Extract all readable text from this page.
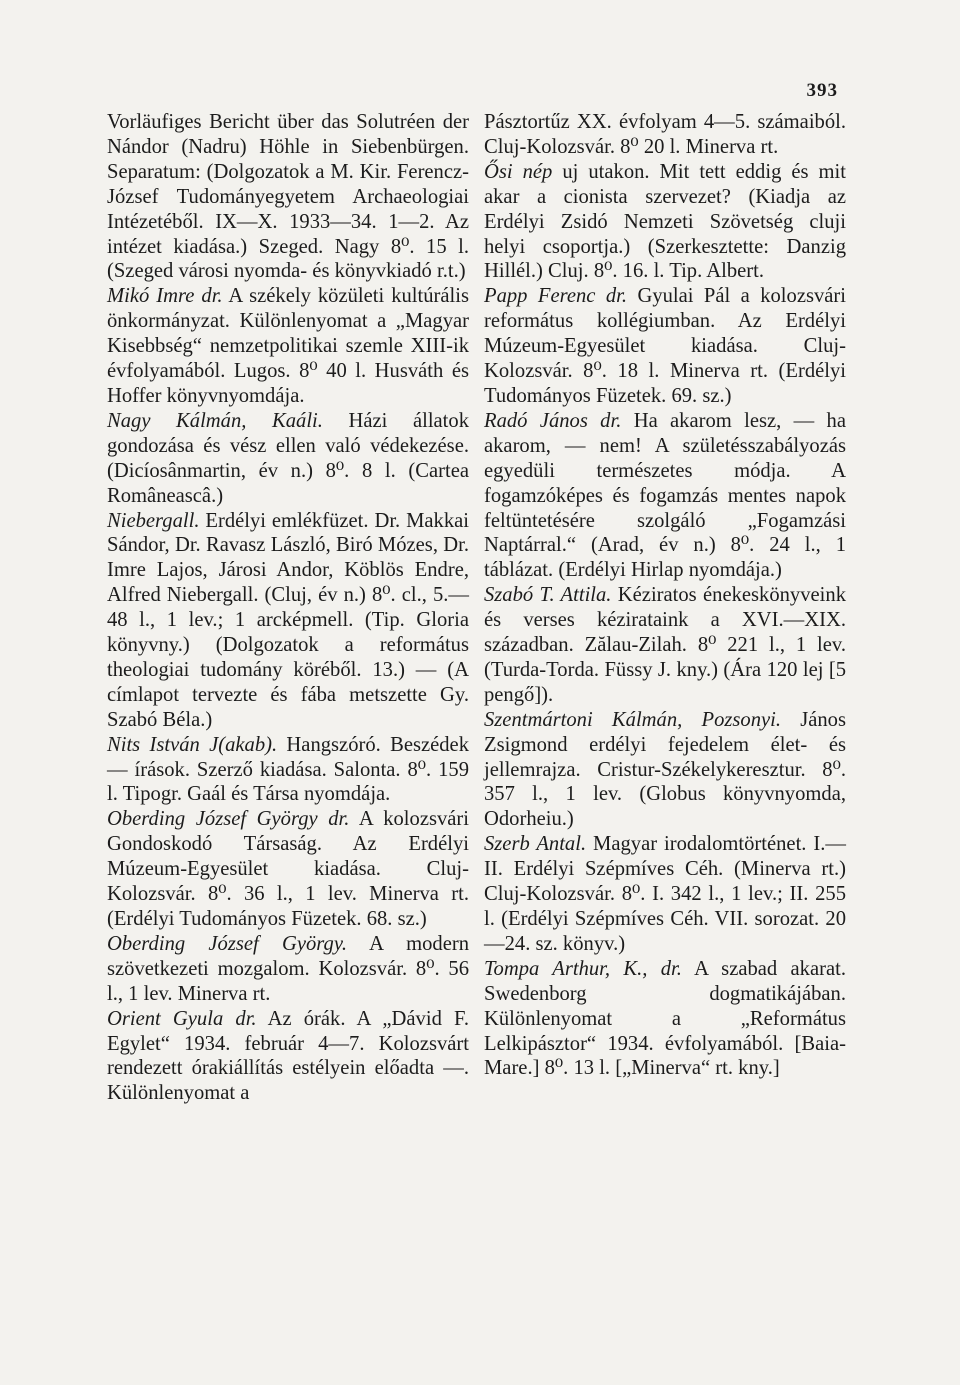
393
Vorläufiges Bericht über das Solutréen der Nándor (Nadru) Höhle in Siebenbürgen. Separatum: (Dolgozatok a M. Kir. Ferencz-József Tudományegyetem Archaeologiai Intézetéből. IX—X. 1933—34. 1—2. Az intézet kiadása.) Szeged. Nagy 8⁰. 15 l. (Szeged városi nyomda- és könyvkiadó r.t.)
Mikó Imre dr. A székely közületi kultúrális önkormányzat. Különlenyomat a „Magyar Kisebbség“ nemzetpolitikai szemle XIII-ik évfolyamából. Lugos. 8⁰ 40 l. Husváth és Hoffer könyvnyomdája.
Nagy Kálmán, Kaáli. Házi állatok gondozása és vész ellen való védekezése. (Dicíosânmartin, év n.) 8⁰. 8 l. (Cartea Româneascâ.)
Niebergall. Erdélyi emlékfüzet. Dr. Makkai Sándor, Dr. Ravasz László, Biró Mózes, Dr. Imre Lajos, Járosi Andor, Köblös Endre, Alfred Niebergall. (Cluj, év n.) 8⁰. cl., 5.—48 l., 1 lev.; 1 arcképmell. (Tip. Gloria könyvny.) (Dolgozatok a református theologiai tudomány köréből. 13.) — (A címlapot tervezte és fába metszette Gy. Szabó Béla.)
Nits István J(akab). Hangszóró. Beszédek — írások. Szerző kiadása. Salonta. 8⁰. 159 l. Tipogr. Gaál és Társa nyomdája.
Oberding József György dr. A kolozsvári Gondoskodó Társaság. Az Erdélyi Múzeum-Egyesület kiadása. Cluj-Kolozsvár. 8⁰. 36 l., 1 lev. Minerva rt. (Erdélyi Tudományos Füzetek. 68. sz.)
Oberding József György. A modern szövetkezeti mozgalom. Kolozsvár. 8⁰. 56 l., 1 lev. Minerva rt.
Orient Gyula dr. Az órák. A „Dávid F. Egylet“ 1934. február 4—7. Kolozsvárt rendezett órakiállítás estélyein előadta —. Különlenyomat a
Pásztortűz XX. évfolyam 4—5. számaiból. Cluj-Kolozsvár. 8⁰ 20 l. Minerva rt.
Ősi nép uj utakon. Mit tett eddig és mit akar a cionista szervezet? (Kiadja az Erdélyi Zsidó Nemzeti Szövetség cluji helyi csoportja.) (Szerkesztette: Danzig Hillél.) Cluj. 8⁰. 16. l. Tip. Albert.
Papp Ferenc dr. Gyulai Pál a kolozsvári református kollégiumban. Az Erdélyi Múzeum-Egyesület kiadása. Cluj-Kolozsvár. 8⁰. 18 l. Minerva rt. (Erdélyi Tudományos Füzetek. 69. sz.)
Radó János dr. Ha akarom lesz, — ha akarom, — nem! A születésszabályozás egyedüli természetes módja. A fogamzóképes és fogamzás mentes napok feltüntetésére szolgáló „Fogamzási Naptárral.“ (Arad, év n.) 8⁰. 24 l., 1 táblázat. (Erdélyi Hirlap nyomdája.)
Szabó T. Attila. Kéziratos énekeskönyveink és verses kézirataink a XVI.—XIX. században. Zălau-Zilah. 8⁰ 221 l., 1 lev. (Turda-Torda. Füssy J. kny.) (Ára 120 lej [5 pengő]).
Szentmártoni Kálmán, Pozsonyi. János Zsigmond erdélyi fejedelem élet- és jellemrajza. Cristur-Székelykeresztur. 8⁰. 357 l., 1 lev. (Globus könyvnyomda, Odorheiu.)
Szerb Antal. Magyar irodalomtörténet. I.—II. Erdélyi Szépmíves Céh. (Minerva rt.) Cluj-Kolozsvár. 8⁰. I. 342 l., 1 lev.; II. 255 l. (Erdélyi Szépmíves Céh. VII. sorozat. 20—24. sz. könyv.)
Tompa Arthur, K., dr. A szabad akarat. Swedenborg dogmatikájában. Különlenyomat a „Református Lelkipásztor“ 1934. évfolyamából. [Baia-Mare.] 8⁰. 13 l. [„Minerva“ rt. kny.]
